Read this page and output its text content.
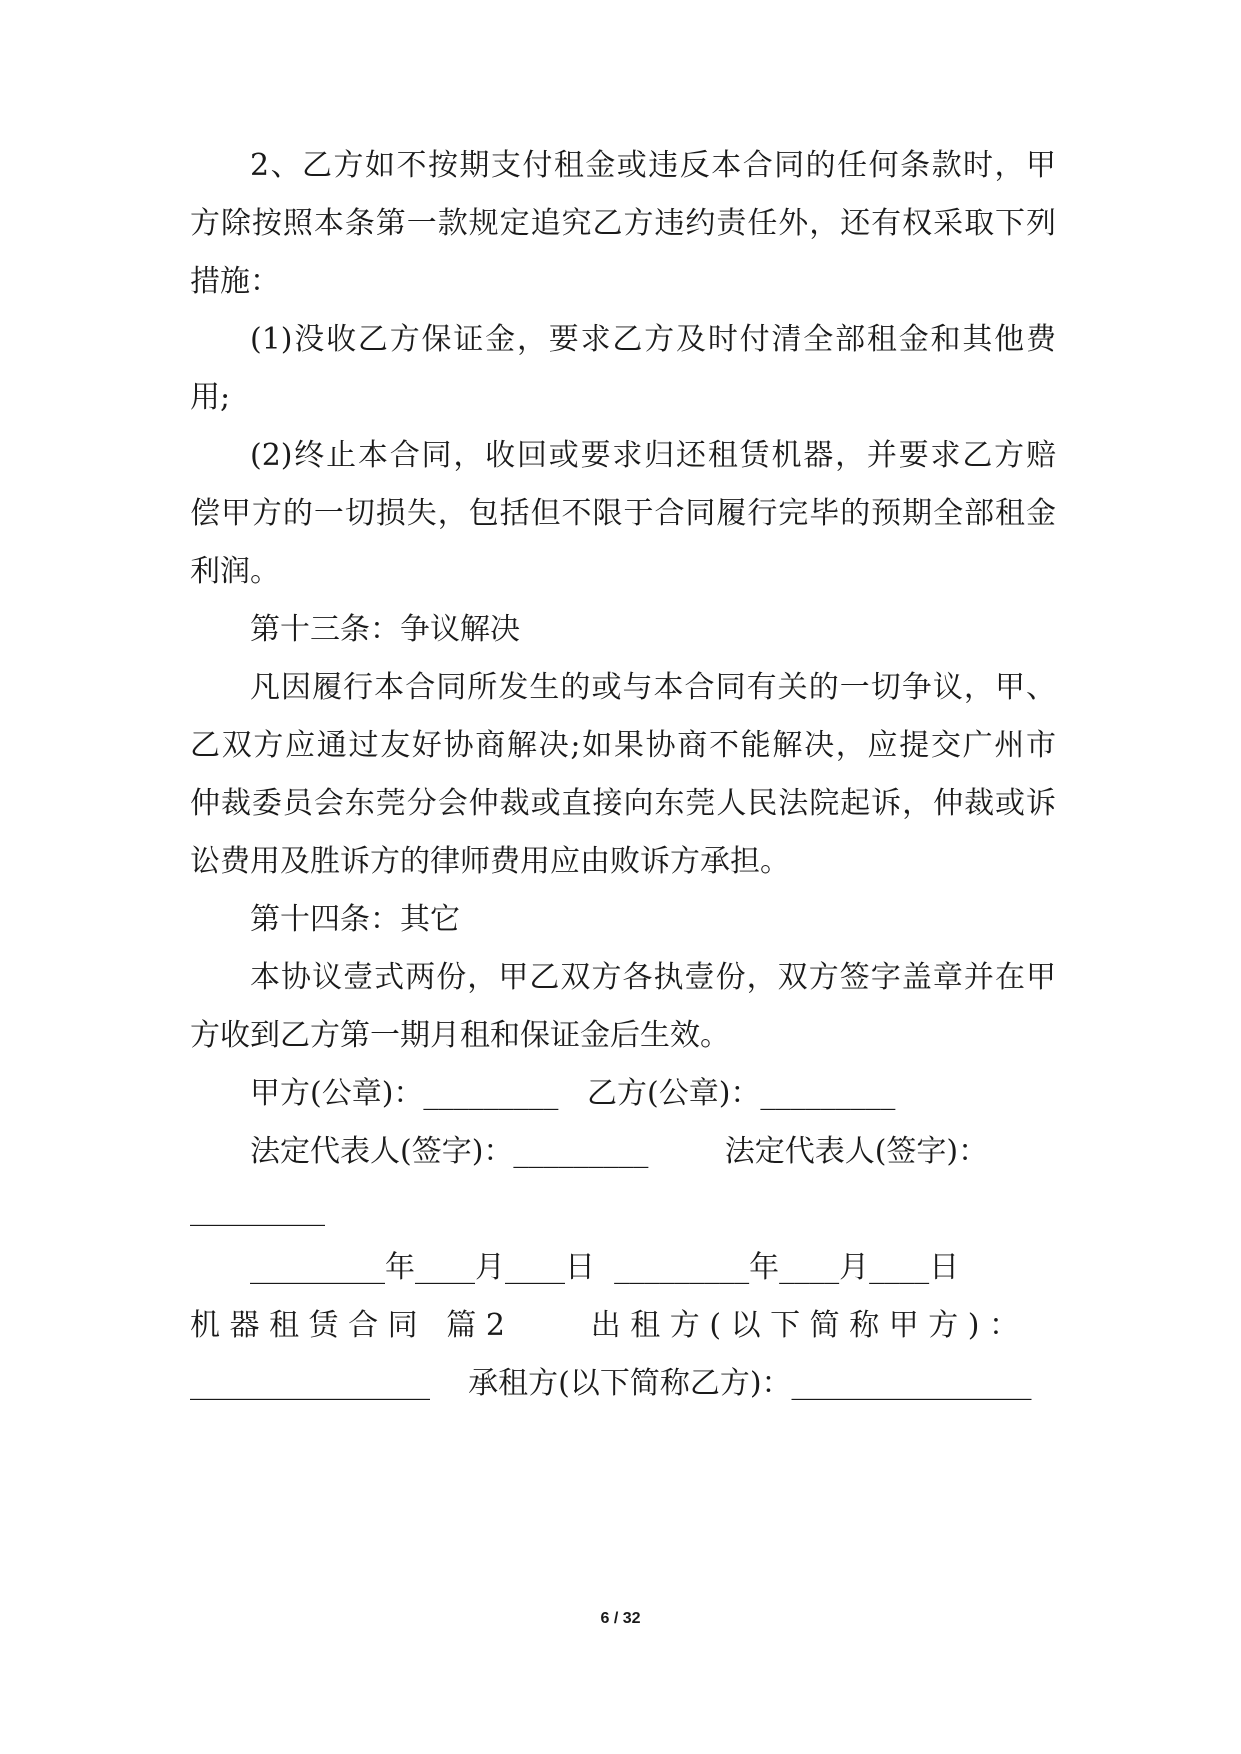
2、乙方如不按期支付租金或违反本合同的任何条款时，甲

方除按照本条第一款规定追究乙方违约责任外，还有权采取下列

措施：

(1)没收乙方保证金，要求乙方及时付清全部租金和其他费

用;

(2)终止本合同，收回或要求归还租赁机器，并要求乙方赔

偿甲方的一切损失，包括但不限于合同履行完毕的预期全部租金

利润。

第十三条：争议解决

凡因履行本合同所发生的或与本合同有关的一切争议，甲、

乙双方应通过友好协商解决;如果协商不能解决，应提交广州市

仲裁委员会东莞分会仲裁或直接向东莞人民法院起诉，仲裁或诉

讼费用及胜诉方的律师费用应由败诉方承担。

第十四条：其它

本协议壹式两份，甲乙双方各执壹份，双方签字盖章并在甲

方收到乙方第一期月租和保证金后生效。

甲方(公章)：_________   乙方(公章)：_________

法定代表人(签字)：_________        法定代表人(签字)：

_________

_________年____月____日  _________年____月____日

机 器 租 赁 合 同   篇 2         出 租 方 ( 以 下 简 称 甲 方 ) ：

________________    承租方(以下简称乙方)：________________

6 / 32
